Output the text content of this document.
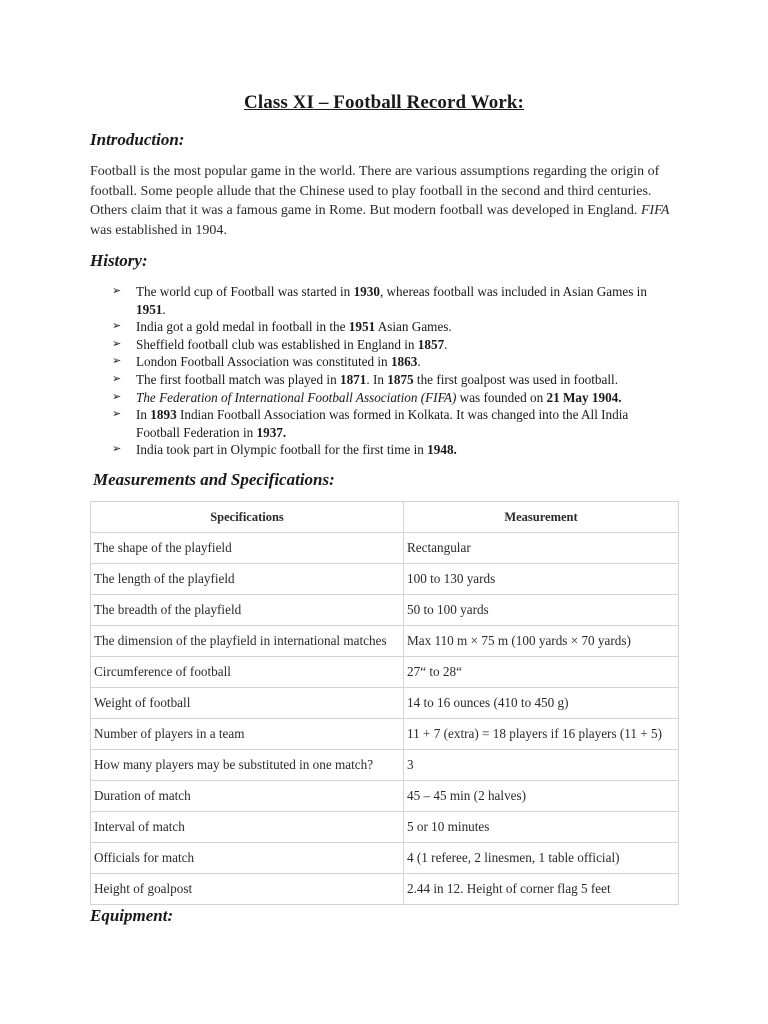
Class XI – Football Record Work:
Introduction:
Football is the most popular game in the world. There are various assumptions regarding the origin of football. Some people allude that the Chinese used to play football in the second and third centuries. Others claim that it was a famous game in Rome. But modern football was developed in England. FIFA was established in 1904.
History:
➢ The world cup of Football was started in 1930, whereas football was included in Asian Games in 1951.
➢ India got a gold medal in football in the 1951 Asian Games.
➢ Sheffield football club was established in England in 1857.
➢ London Football Association was constituted in 1863.
➢ The first football match was played in 1871. In 1875 the first goalpost was used in football.
➢ The Federation of International Football Association (FIFA) was founded on 21 May 1904.
➢ In 1893 Indian Football Association was formed in Kolkata. It was changed into the All India Football Federation in 1937.
➢ India took part in Olympic football for the first time in 1948.
Measurements and Specifications:
Specifications	Measurement
The shape of the playfield	Rectangular
The length of the playfield	100 to 130 yards
The breadth of the playfield	50 to 100 yards
The dimension of the playfield in international matches	Max 110 m × 75 m (100 yards × 70 yards)
Circumference of football	27“ to 28“
Weight of football	14 to 16 ounces (410 to 450 g)
Number of players in a team	11 + 7 (extra) = 18 players if 16 players (11 + 5)
How many players may be substituted in one match?	3
Duration of match	45 – 45 min (2 halves)
Interval of match	5 or 10 minutes
Officials for match	4 (1 referee, 2 linesmen, 1 table official)
Height of goalpost	2.44 in 12. Height of corner flag 5 feet
Equipment:
